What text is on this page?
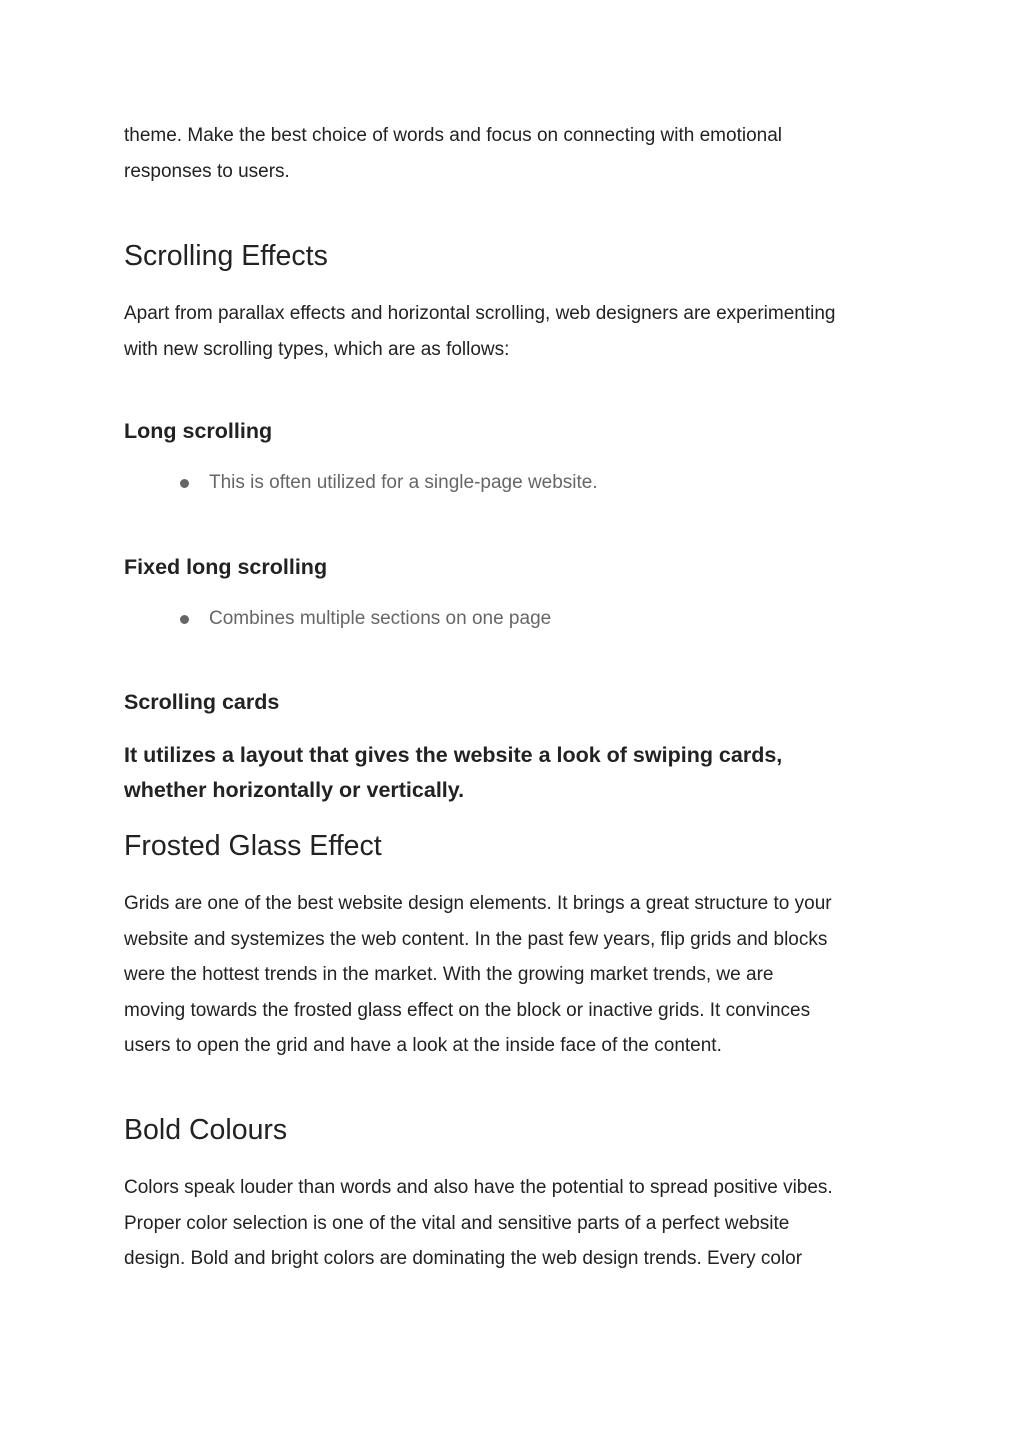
theme. Make the best choice of words and focus on connecting with emotional
responses to users.

Scrolling Effects

Apart from parallax effects and horizontal scrolling, web designers are experimenting
with new scrolling types, which are as follows:

Long scrolling
This is often utilized for a single-page website.
Fixed long scrolling
Combines multiple sections on one page
Scrolling cards

It utilizes a layout that gives the website a look of swiping cards,
whether horizontally or vertically.

Frosted Glass Effect

Grids are one of the best website design elements. It brings a great structure to your
website and systemizes the web content. In the past few years, flip grids and blocks
were the hottest trends in the market. With the growing market trends, we are
moving towards the frosted glass effect on the block or inactive grids. It convinces
users to open the grid and have a look at the inside face of the content.

Bold Colours

Colors speak louder than words and also have the potential to spread positive vibes.
Proper color selection is one of the vital and sensitive parts of a perfect website
design. Bold and bright colors are dominating the web design trends. Every color
